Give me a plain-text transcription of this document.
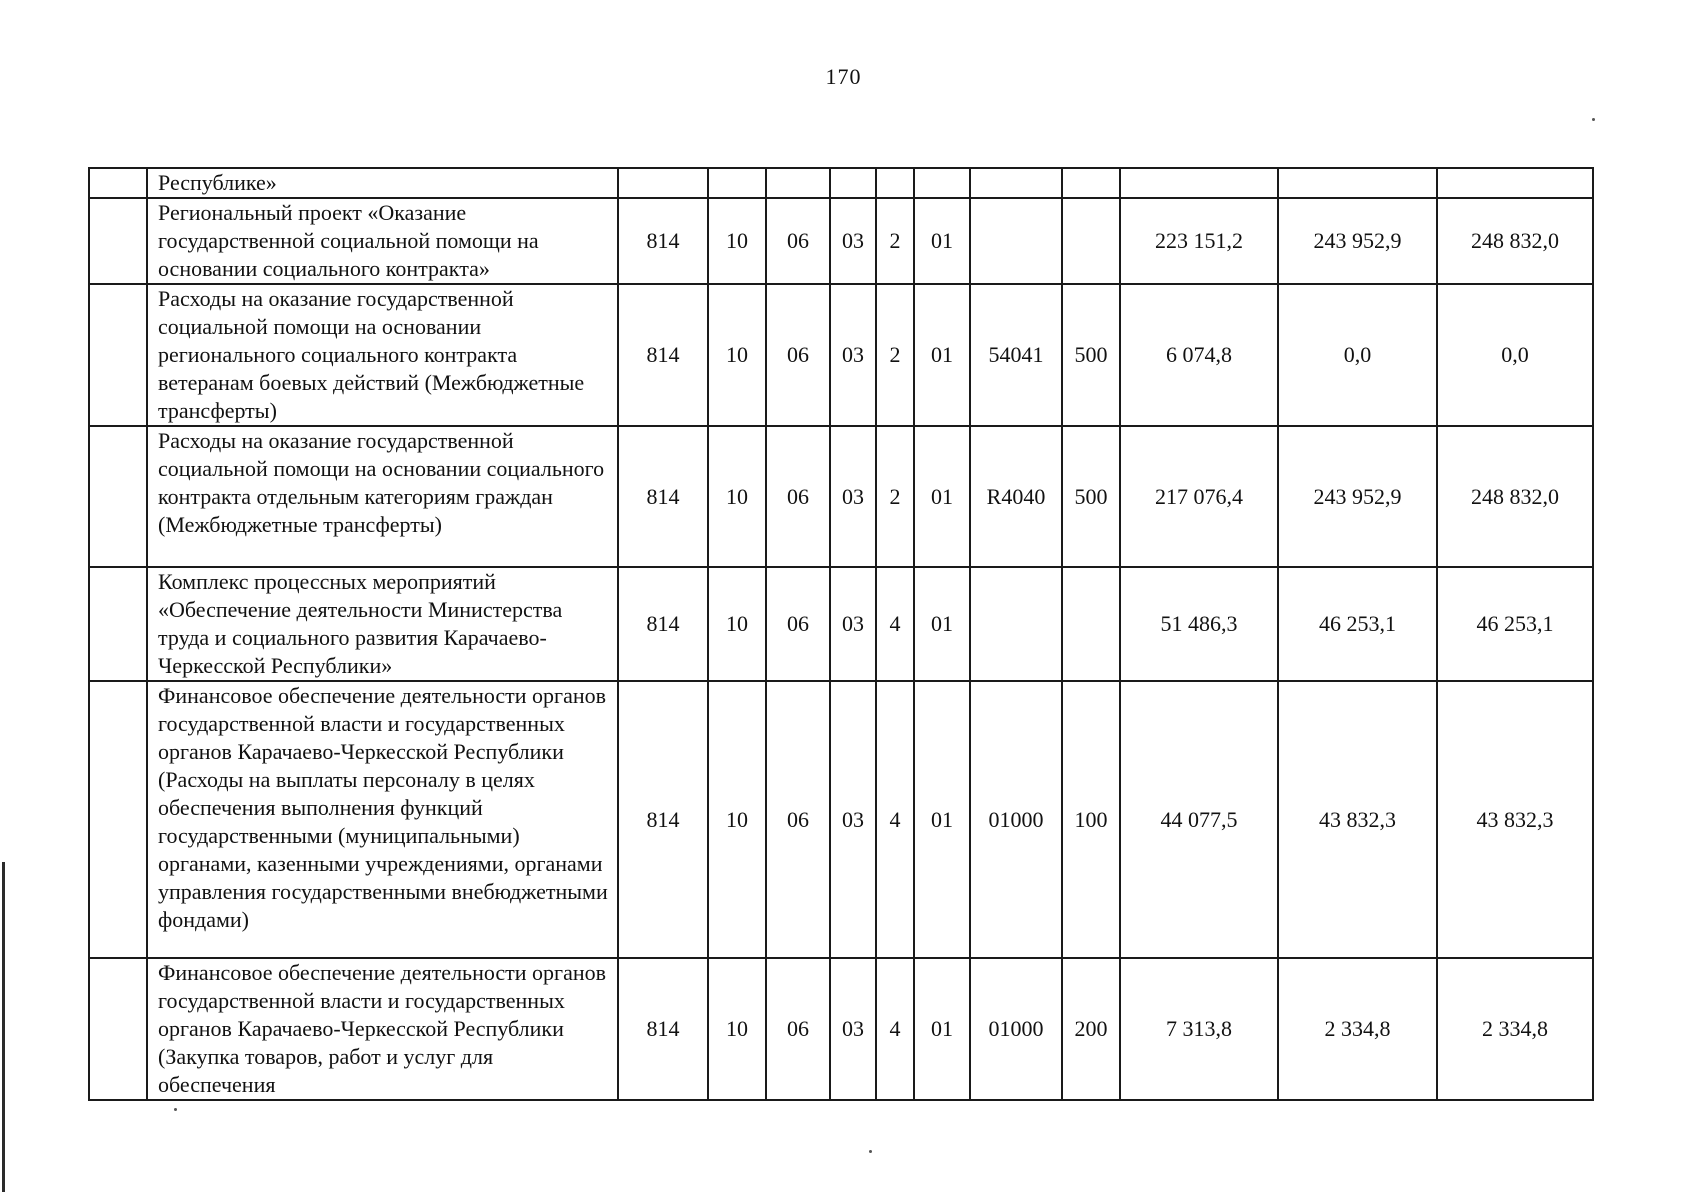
170
	Республике»											
	Региональный проект «Оказание государственной социальной помощи на основании социального контракта»	814	10	06	03	2	01			223 151,2	243 952,9	248 832,0
	Расходы на оказание государственной социальной помощи на основании регионального социального контракта ветеранам боевых действий (Межбюджетные трансферты)	814	10	06	03	2	01	54041	500	6 074,8	0,0	0,0
	Расходы на оказание государственной социальной помощи на основании социального контракта отдельным категориям граждан (Межбюджетные трансферты)	814	10	06	03	2	01	R4040	500	217 076,4	243 952,9	248 832,0
	Комплекс процессных мероприятий «Обеспечение деятельности Министерства труда и социального развития Карачаево-Черкесской Республики»	814	10	06	03	4	01			51 486,3	46 253,1	46 253,1
	Финансовое обеспечение деятельности органов государственной власти и государственных органов Карачаево-Черкесской Республики (Расходы на выплаты персоналу в целях обеспечения выполнения функций государственными (муниципальными) органами, казенными учреждениями, органами управления государственными внебюджетными фондами)	814	10	06	03	4	01	01000	100	44 077,5	43 832,3	43 832,3
	Финансовое обеспечение деятельности органов государственной власти и государственных органов Карачаево-Черкесской Республики (Закупка товаров, работ и услуг для обеспечения	814	10	06	03	4	01	01000	200	7 313,8	2 334,8	2 334,8
